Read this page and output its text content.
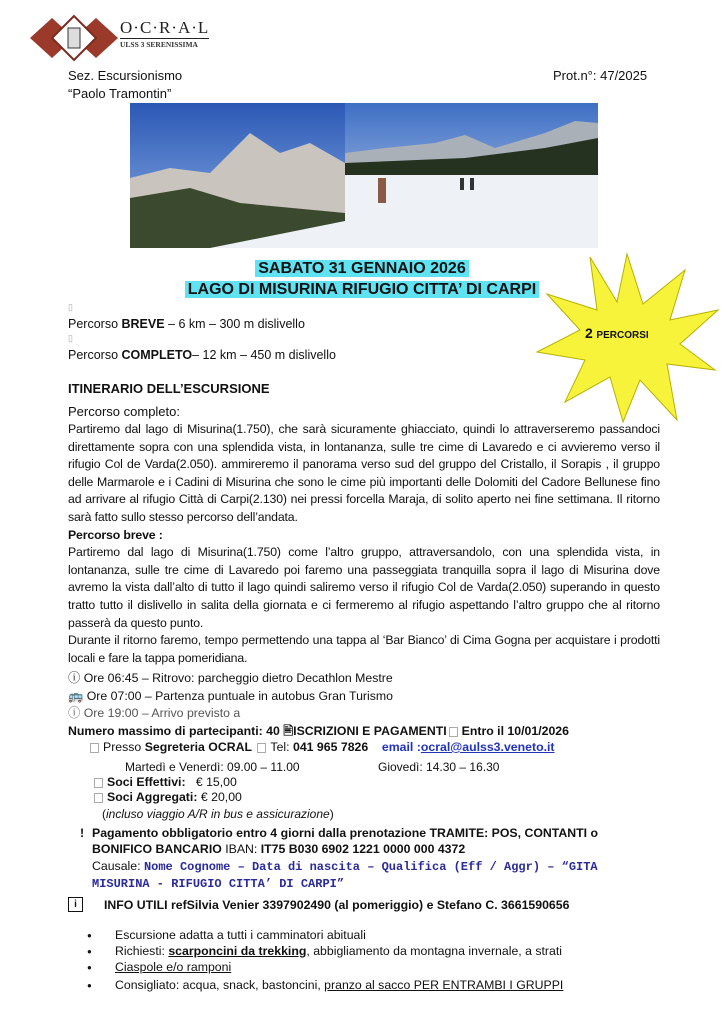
O·C·R·A·L
ULSS 3 SERENISSIMA
Sez. Escursionismo
“Paolo Tramontin”
Prot.n°: 47/2025
SABATO 31 GENNAIO 2026
LAGO DI MISURINA RIFUGIO CITTA’ DI CARPI
2 PERCORSI
▯
Percorso BREVE – 6 km – 300 m dislivello
▯
Percorso COMPLETO– 12 km – 450 m dislivello
ITINERARIO DELL’ESCURSIONE
Percorso completo:
Partiremo dal lago di Misurina(1.750), che sarà sicuramente ghiacciato, quindi lo attraverseremo passandoci direttamente sopra con una splendida vista, in lontananza, sulle tre cime di Lavaredo e ci avvieremo verso il rifugio Col de Varda(2.050). ammireremo il panorama verso sud del gruppo del Cristallo, il Sorapis , il gruppo delle Marmarole e i Cadini di Misurina che sono le cime più importanti delle Dolomiti del Cadore Bellunese fino ad arrivare al rifugio Città di Carpi(2.130) nei pressi forcella Maraja, di solito aperto nei fine settimana. Il ritorno sarà fatto sullo stesso percorso dell’andata.
Percorso breve :
Partiremo dal lago di Misurina(1.750) come l’altro gruppo, attraversandolo, con una splendida vista, in lontananza, sulle tre cime di Lavaredo poi faremo una passeggiata tranquilla sopra il lago di Misurina dove avremo la vista dall’alto di tutto il lago quindi saliremo verso il rifugio Col de Varda(2.050) superando in questo tratto tutto il dislivello in salita della giornata e ci fermeremo al rifugio aspettando l’altro gruppo che al ritorno passerà da questo punto.
Durante il ritorno faremo, tempo permettendo una tappa al ‘Bar Bianco’ di Cima Gogna per acquistare i prodotti locali e fare la tappa pomeridiana.
ⓘ Ore 06:45 – Ritrovo: parcheggio dietro Decathlon Mestre
🚌 Ore 07:00 – Partenza puntuale in autobus Gran Turismo
ⓘ Ore 19:00 – Arrivo previsto a
Numero massimo di partecipanti: 40 🖹ISCRIZIONI E PAGAMENTI Entro il 10/01/2026
Presso Segreteria OCRAL Tel: 041 965 7826 email :ocral@aulss3.veneto.it
Martedì e Venerdì: 09.00 – 11.00	Giovedì: 14.30 – 16.30
Soci Effettivi: € 15,00
Soci Aggregati: € 20,00
(incluso viaggio A/R in bus e assicurazione)
! Pagamento obbligatorio entro 4 giorni dalla prenotazione TRAMITE: POS, CONTANTI o
BONIFICO BANCARIO IBAN: IT75 B030 6902 1221 0000 000 4372
Causale: Nome Cognome – Data di nascita – Qualifica (Eff / Aggr) – “GITA MISURINA - RIFUGIO CITTA’ DI CARPI”
i	INFO UTILI refSilvia Venier 3397902490 (al pomeriggio) e Stefano C. 3661590656
● Escursione adatta a tutti i camminatori abituali
● Richiesti: scarponcini da trekking, abbigliamento da montagna invernale, a strati
● Ciaspole e/o ramponi
● Consigliato: acqua, snack, bastoncini, pranzo al sacco PER ENTRAMBI I GRUPPI
